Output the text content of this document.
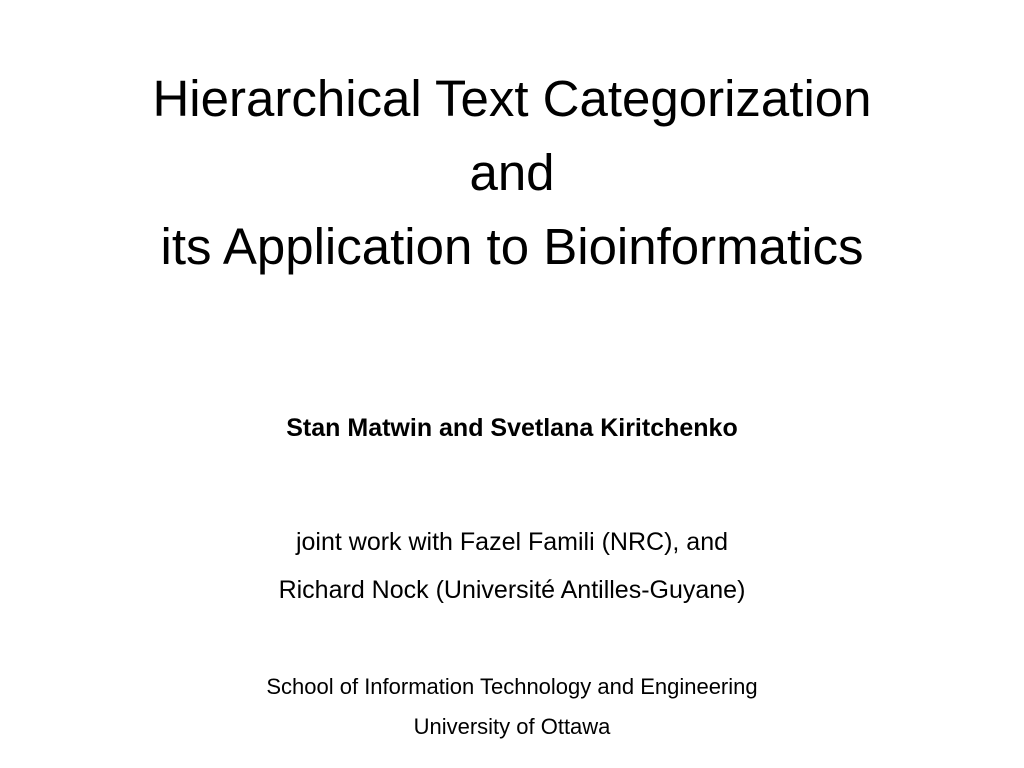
Hierarchical Text Categorization
and
its Application to Bioinformatics

Stan Matwin and Svetlana Kiritchenko

joint work with Fazel Famili (NRC), and
Richard Nock (Université Antilles-Guyane)
School of Information Technology and Engineering
University of Ottawa
